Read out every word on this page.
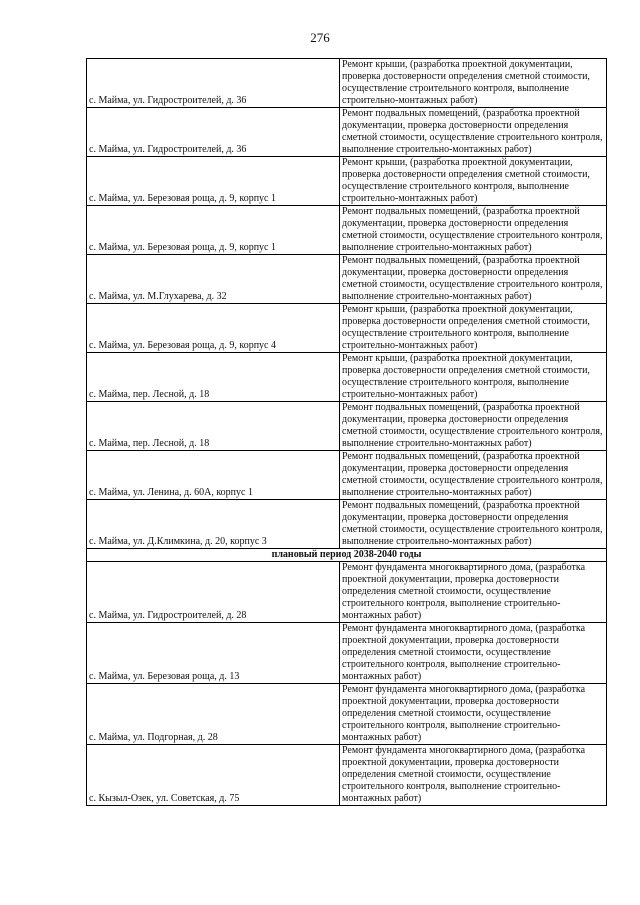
276
с. Майма, ул. Гидростроителей, д. 36	Ремонт крыши, (разработка проектной документации, проверка достоверности определения сметной стоимости, осуществление строительного контроля, выполнение строительно-монтажных работ)
с. Майма, ул. Гидростроителей, д. 36	Ремонт подвальных помещений, (разработка проектной документации, проверка достоверности определения сметной стоимости, осуществление строительного контроля, выполнение строительно-монтажных работ)
с. Майма, ул. Березовая роща, д. 9, корпус 1	Ремонт крыши, (разработка проектной документации, проверка достоверности определения сметной стоимости, осуществление строительного контроля, выполнение строительно-монтажных работ)
с. Майма, ул. Березовая роща, д. 9, корпус 1	Ремонт подвальных помещений, (разработка проектной документации, проверка достоверности определения сметной стоимости, осуществление строительного контроля, выполнение строительно-монтажных работ)
с. Майма, ул. М.Глухарева, д. 32	Ремонт подвальных помещений, (разработка проектной документации, проверка достоверности определения сметной стоимости, осуществление строительного контроля, выполнение строительно-монтажных работ)
с. Майма, ул. Березовая роща, д. 9, корпус 4	Ремонт крыши, (разработка проектной документации, проверка достоверности определения сметной стоимости, осуществление строительного контроля, выполнение строительно-монтажных работ)
с. Майма, пер. Лесной, д. 18	Ремонт крыши, (разработка проектной документации, проверка достоверности определения сметной стоимости, осуществление строительного контроля, выполнение строительно-монтажных работ)
с. Майма, пер. Лесной, д. 18	Ремонт подвальных помещений, (разработка проектной документации, проверка достоверности определения сметной стоимости, осуществление строительного контроля, выполнение строительно-монтажных работ)
с. Майма, ул. Ленина, д. 60А, корпус 1	Ремонт подвальных помещений, (разработка проектной документации, проверка достоверности определения сметной стоимости, осуществление строительного контроля, выполнение строительно-монтажных работ)
с. Майма, ул. Д.Климкина, д. 20, корпус 3	Ремонт подвальных помещений, (разработка проектной документации, проверка достоверности определения сметной стоимости, осуществление строительного контроля, выполнение строительно-монтажных работ)
плановый период 2038-2040 годы	
с. Майма, ул. Гидростроителей, д. 28	Ремонт фундамента многоквартирного дома, (разработка проектной документации, проверка достоверности определения сметной стоимости, осуществление строительного контроля, выполнение строительно-монтажных работ)
с. Майма, ул. Березовая роща, д. 13	Ремонт фундамента многоквартирного дома, (разработка проектной документации, проверка достоверности определения сметной стоимости, осуществление строительного контроля, выполнение строительно-монтажных работ)
с. Майма, ул. Подгорная, д. 28	Ремонт фундамента многоквартирного дома, (разработка проектной документации, проверка достоверности определения сметной стоимости, осуществление строительного контроля, выполнение строительно-монтажных работ)
с. Кызыл-Озек, ул. Советская, д. 75	Ремонт фундамента многоквартирного дома, (разработка проектной документации, проверка достоверности определения сметной стоимости, осуществление строительного контроля, выполнение строительно-монтажных работ)
